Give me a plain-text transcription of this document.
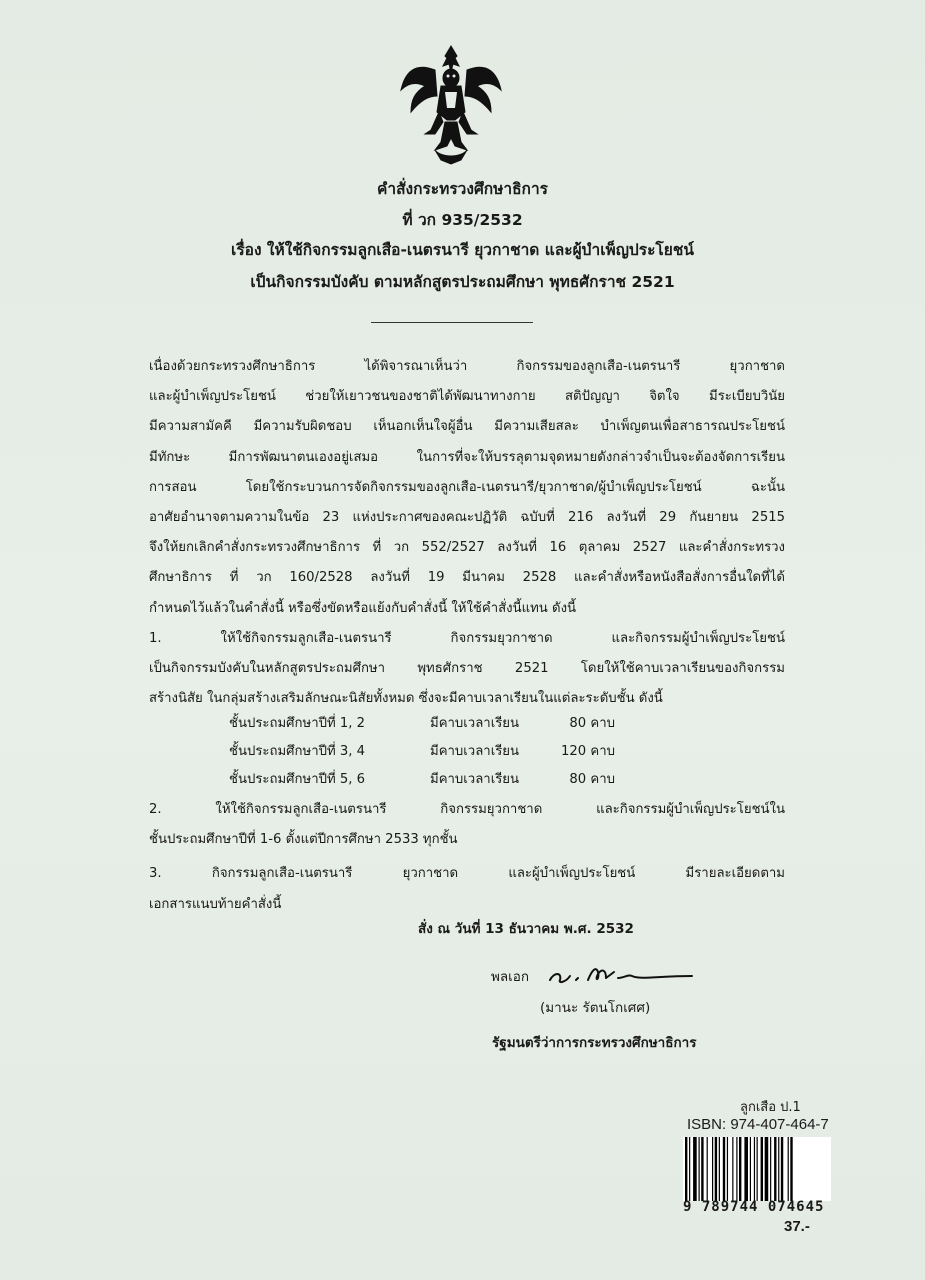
คำสั่งกระทรวงศึกษาธิการ
ที่ วก 935/2532
เรื่อง ให้ใช้กิจกรรมลูกเสือ-เนตรนารี ยุวกาชาด และผู้บำเพ็ญประโยชน์
เป็นกิจกรรมบังคับ ตามหลักสูตรประถมศึกษา พุทธศักราช 2521
เนื่องด้วยกระทรวงศึกษาธิการ ได้พิจารณาเห็นว่า กิจกรรมของลูกเสือ-เนตรนารี ยุวกาชาด
และผู้บำเพ็ญประโยชน์ ช่วยให้เยาวชนของชาติได้พัฒนาทางกาย สติปัญญา จิตใจ มีระเบียบวินัย
มีความสามัคคี มีความรับผิดชอบ เห็นอกเห็นใจผู้อื่น มีความเสียสละ บำเพ็ญตนเพื่อสาธารณประโยชน์
มีทักษะ มีการพัฒนาตนเองอยู่เสมอ ในการที่จะให้บรรลุตามจุดหมายดังกล่าวจำเป็นจะต้องจัดการเรียน
การสอน โดยใช้กระบวนการจัดกิจกรรมของลูกเสือ-เนตรนารี/ยุวกาชาด/ผู้บำเพ็ญประโยชน์ ฉะนั้น
อาศัยอำนาจตามความในข้อ 23 แห่งประกาศของคณะปฏิวัติ ฉบับที่ 216 ลงวันที่ 29 กันยายน 2515
จึงให้ยกเลิกคำสั่งกระทรวงศึกษาธิการ ที่ วก 552/2527 ลงวันที่ 16 ตุลาคม 2527 และคำสั่งกระทรวง
ศึกษาธิการ ที่ วก 160/2528 ลงวันที่ 19 มีนาคม 2528 และคำสั่งหรือหนังสือสั่งการอื่นใดที่ได้
กำหนดไว้แล้วในคำสั่งนี้ หรือซึ่งขัดหรือแย้งกับคำสั่งนี้ ให้ใช้คำสั่งนี้แทน ดังนี้
1. ให้ใช้กิจกรรมลูกเสือ-เนตรนารี กิจกรรมยุวกาชาด และกิจกรรมผู้บำเพ็ญประโยชน์
เป็นกิจกรรมบังคับในหลักสูตรประถมศึกษา พุทธศักราช 2521 โดยให้ใช้คาบเวลาเรียนของกิจกรรม
สร้างนิสัย ในกลุ่มสร้างเสริมลักษณะนิสัยทั้งหมด ซึ่งจะมีคาบเวลาเรียนในแต่ละระดับชั้น ดังนี้
ชั้นประถมศึกษาปีที่ 1, 2	มีคาบเวลาเรียน	80 คาบ
ชั้นประถมศึกษาปีที่ 3, 4	มีคาบเวลาเรียน	120 คาบ
ชั้นประถมศึกษาปีที่ 5, 6	มีคาบเวลาเรียน	80 คาบ
2. ให้ใช้กิจกรรมลูกเสือ-เนตรนารี กิจกรรมยุวกาชาด และกิจกรรมผู้บำเพ็ญประโยชน์ใน
ชั้นประถมศึกษาปีที่ 1-6 ตั้งแต่ปีการศึกษา 2533 ทุกชั้น
3. กิจกรรมลูกเสือ-เนตรนารี ยุวกาชาด และผู้บำเพ็ญประโยชน์ มีรายละเอียดตาม
เอกสารแนบท้ายคำสั่งนี้
สั่ง ณ วันที่ 13 ธันวาคม พ.ศ. 2532
พลเอก
(มานะ รัตนโกเศศ)
รัฐมนตรีว่าการกระทรวงศึกษาธิการ
ลูกเสือ ป.1
ISBN: 974-407-464-7
9 789744 074645
37.-
